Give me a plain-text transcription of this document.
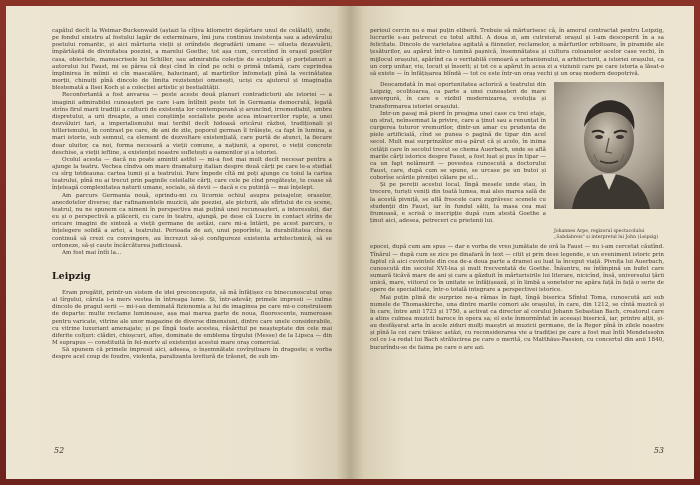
capătul decît la Weimar-Buckenwald (aștazi la cîțiva kilometri depărtare unul de celălalt), unde, pe fondul sinistru al fostului lagăr de exterminare, îmi jura continuu insistența sau a adevărului poetului romantic, și aici mărturia vieții și oriîndele degradării umane — silueta dezavuării, împărtășită de divinitatea poeziei, a marelui Goethe; tot așa cum, cercetînd în orașul poeților casa, obiectele, manuscrisele lui Schiller, sau admirabila colecție de sculptură și porțelanuri a autorului lui Faust, mi se părea că deși cînd în cînd pe ochi o primă infamă, care cuprindea împlinirea în mîinii ei cîn mascalăre, halucinant, al martirilor înfometați pînă la vecinătatea morții, chinuiți pînă dincolo de limita rezistenței omenești, uciși cu ajutorul și imaginația blestemată a Ilsei Koch și a colecției artistic și bestialității.

Reconfortantă a fost anvarea — peste aceste două planuri contradictorii ale istoriei — a imaginii admirabilei cunoașteri pe care i-am întîlnit peste tot în Germania democrată, legată strîns firul marii tradiții a culturii de existența lor contemporană și arunclnd, irremediabil, umbra dispretului, a urii dreapte, a unei conștiințe socialiste peste acea intoarcerilor rupte, a unei dezvăluiri tari, a imperialismului mai teribil decît hidoasă oricărui război, tradiționali și hitlerismului, în contrast pe care, de ani de zile, poporul german îl trăiește, ca fapt în lumina, a mari istorie, sub semnul, ca element de dezvoltare existențială, care purtă de atunci, la fiecare doar uluitor, ca noi, forma necesară a vieții comune, a națiunii, a operei, o vieții concrete deschise, a vieții ieftine, a existenței noastre sufletești a oamenilor și a istoriei.

Ocolul acesta — dacă nu poate amintit astfel — mi-a fost mai mult decît necesar pentru a ajunge la teatru. Vechea cîndva om mare dramaturg italian despre două cărți pe care le-a studiat cu sîrg totdeauna: cartea lumii și a teatrului. Pare împede cîtă mi poți ajunge cu toiul la cartea teatrului, pînă nu ai trecut prin paginile celeilalte cărți, care cele pe cînd pregătește, te coase să înțeleagă complexitatea naturii umane, sociale, să devii — dacă e cu putință — mai înțelept.

Am parcurs Germania nouă, oprindu-mi cu licornie ochiul asupra peisajelor, oraselor, anecdotelor diverse; dar rafinamentele muzicii, ale poeziei, ale picturii, ale sfîrtului de cu scene, teatrul, nu ne spunem ca nimeni în perspectiva mai puțină unei recunoașteri, a interesului, dar eu și o perspectivă a plăcerii, cu care în teatru, ajungă, pe dese că Lucru în contact strîns de oricare imagini de sinteză a vieții germane de astăzi, care mi-a întărit, pe acest parcurs, o înțelegere solidă a artei, a teatrului. Perioada de azi, unui poporînte, la durabilitatea cîncea continuă să crezi cu convingere, au încrezut să-și configureze existenta arhitectonică, să se ordoneze, să-și caute încărcăturea judicioasă.

Am fost mai întîi la...

Leipzig

Eram pregătit, printr-un sistem de idei preconcepute, să mă înfățișez cu binecunoscutul oraș al tîrgului, cărula i-a mers vestea în întreaga lume. Și, într-adevăr, primele impresii — culme dincolo de pragul serii — mi-i-au deminată fizionomia a lui de imaginea pe care mi-o construisem de departe: multe reclame luminoase, așa mai marea parte de noua, fluorescente, numeroase pentru varicate, vitrine ale unor magazine de diverse dimensiuni, dintre care unele considerabile, cu vitrine luxuriant amenajate; și pe lîngă toate acestea, răsăritul pe neașteptate din cele mai diferite colțuri: clădiri, chioșcuri, afișe, dominate de emblema tîrgului (Messe) de la Lipsca — din M suprapus — constituită în fel-mortv al existenței acestui mare oraș comercial.

Să spunem că primele impresii aici, adesea, o înșemnătate covîrșitoare în dragoste; e vorba despre acel coup de foudre, violenta, paralizanta lovitură de trăsnet, de sub im-

52

perioul cercin nu e mai puțin eliberă. Trebuie să mărturisesc că, în amorul contractat pentru Leipzig, lucrurile s-au petrecut cu totul altfel. A doua zi, am cutreierat orașul și l-am descoperit în a sa felicitate. Dincolo de varietatea agitată a fiinnelor, reclamelor, a mărfurilor orbitoare, în piramide ale țesăturilor, au apărut într-o lumină pașnică, însemnătatea și cultura coloanelor acelor case vechi, în mijlocul orașului, apărînd ca o veritabilă comoară a urbanismului, a arhitecturii, a istoriei orașului, ca un corp unitar, viu, locuit și însorit; și tot ce a apărut în acea zi a viziunii care pe care istoria a lăsat-o să existe — în înfățișarea blîndă — tot ce este într-un oraș vechi și un oraș modern deopotrivă.

Deocamdată în mai oportunitatea actorică a teatrului din Leipzig, ocolitoarea, ca parte a unei cunoașteri de mare anvergură, în care e vizibil modernizarea, evoluția și transformarea istoriei orașului.

Intr-un pasaj mă pierd în preajma unei case cu trei etaje, un strat, neînsemnat la privire, care a ținut sau a renunțat în curgerea tuturor vremurilor, dintr-un amar cu prudenta de piele artificială, cînd se punea o pagină de tipar din acel secol. Mult mai surprinzător mi-a părut că și acolo, în inima cetății care în secolul trecut se chema Auerbach, unde se află marile cărți istorice despre Faust, a fost luat și pus în tipar — ca un fapt nelămurit — povestea cunoscută a doctorului Faust, care, după cum se spune, se urcase pe un butoi și coborîse scările pivniței călare pe el...

Și pe pereții acestui local, lîngă mesele unde stau, în trecere, turiști veniți din toată lumea, mai ales marea sală de la acestă pivniță, se află frescele care zugrăvesc scenele cu studenții din Faust, iar în fundul sălii, la masa cea mai frumoasă, e scrisă o inscripție după cum atestă Goethe a ținut aici, adesea, petreceri cu prietenii lui.

Johannes Arpe, regizorul spectacolului „Sabdabreis" și interpretul lui John (Leipzig)

epocei, după cum am spus — dar e vorba de vreo jumătate de oră la Faust — nu i-am cercetat căutînd. Tînărul — după cum se zice pe dinafară în text — citit și prin dese legende, e un eveniment istoric prin faptul că aici cuvintele din cea de-a doua parte a dramei au luat la început viață. Pivnița lui Auerbach, cunoscută din secolul XVI-lea și mult frecventată de Goethe. Înăuntru, ne întîmpină un bufet care sumară ticăvă mare de ani și care a găzduit în mărturisirile lui literare, nicicînd, însă, universului țării unică, mare, viitorul ce în unitate se înfățișează, și în limbă a sonetelor ne apăra față în față o serie de opere de specialitate, într-o totală integrare a perspectivei istorice.

Mai puțin plină de surprize ne-a rămas în fapt, lîngă biserica Sfîntul Toma, cunoscută azi sub numele de Thomaskirche, una dintre marile comori ale orașului, în care, din 1212, se cîntă muzică și în care, între anii 1723 și 1750, a activat ca director al corului Johann Sebastian Bach, creatorul care a atins culmea muzicii baroce în opera sa; el este înmormîntat în aceeași biserică, iar, printre alții, și-au desfășurat arta în acele ziduri mulți maeștri ai muzicii germane, de la Reger pînă în zilele noastre și pînă la cei care trăiesc astăzi, cu reconsiderarea vie a tradiției pe care a fost mai întîi Mendelssohn cel ce i-a redat lui Bach strălucirea pe care o merită, cu Matthäus-Passion, cu concertul din anii 1840, bucurîndu-se de faima pe care o are azi.

53
